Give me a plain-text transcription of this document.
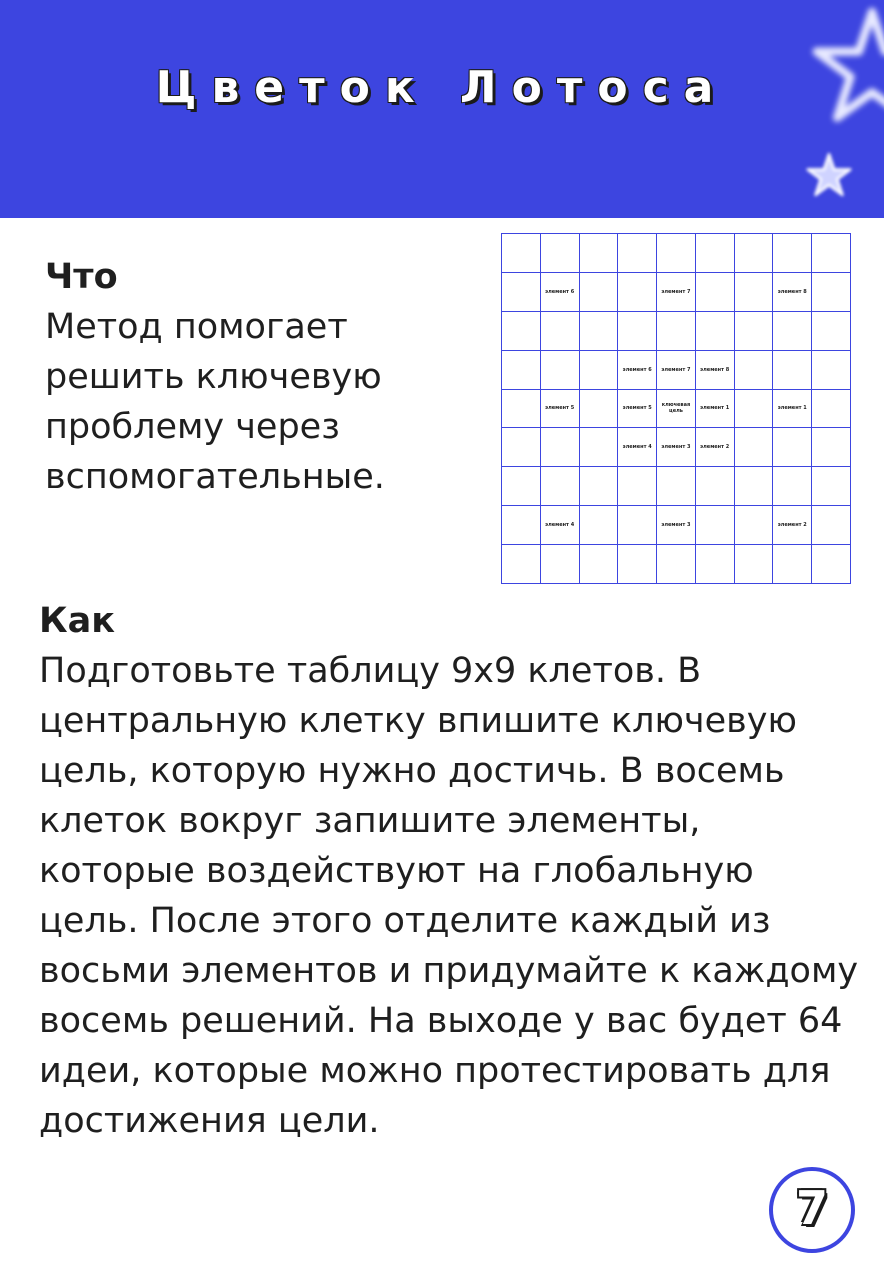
Цветок Лотоса
Что
Метод помогает решить ключевую проблему через вспомогательные.

	элемент 6			элемент 7			элемент 8	

			элемент 6	элемент 7	элемент 8			
	элемент 5		элемент 5	ключевая цель	элемент 1		элемент 1	
			элемент 4	элемент 3	элемент 2			

	элемент 4			элемент 3			элемент 2	

Как
Подготовьте таблицу 9х9 клетов. В центральную клетку впишите ключевую цель, которую нужно достичь. В восемь клеток вокруг запишите элементы, которые воздействуют на глобальную цель. После этого отделите каждый из восьми элементов и придумайте к каждому восемь решений. На выходе у вас будет 64 идеи, которые можно протестировать для достижения цели.
7
